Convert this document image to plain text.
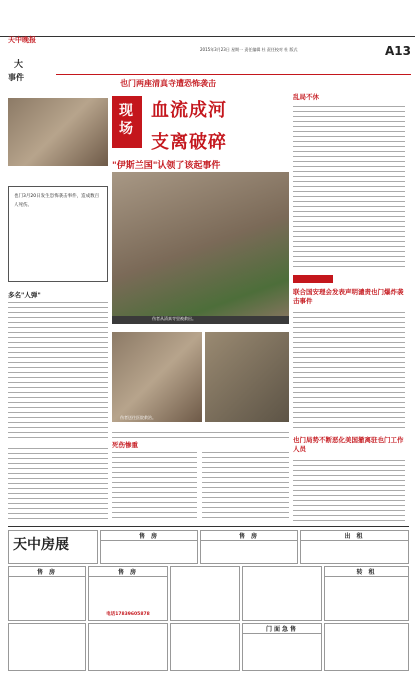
天中晚报
大
事件
2015年3月23日 星期一 责任编辑 杜 责任校对 杜 版式	A13
也门两座清真寺遭恐怖袭击
现
场
血流成河
支离破碎
"伊斯兰国"认领了该起事件
伤者从清真寺里被救出。
伤者送往医院救治。
也门3月20日发生恐怖袭击事件，造成数百人死伤。
多名"人弹"
死伤惨重
乱局不休
联合国安理会发表声明谴责也门爆炸袭击事件
也门局势不断恶化美国撤离驻也门工作人员
天中房展
售 房	售 房	出 租
售 房	售 房
电话17839605878
转 租
门面急售
